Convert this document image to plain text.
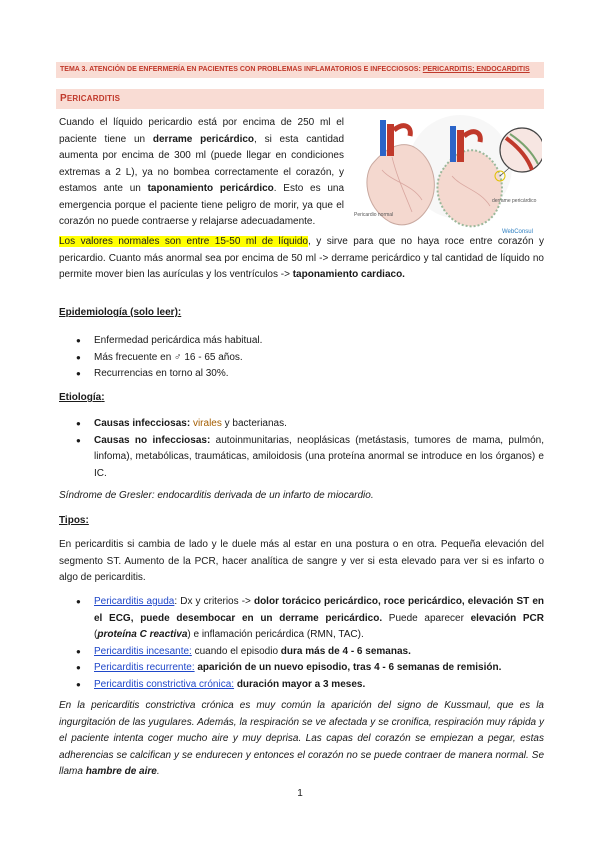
TEMA 3. ATENCIÓN DE ENFERMERÍA EN PACIENTES CON PROBLEMAS INFLAMATORIOS E INFECCIOSOS: PERICARDITIS; ENDOCARDITIS
PERICARDITIS
Cuando el líquido pericardio está por encima de 250 ml el paciente tiene un derrame pericárdico, si esta cantidad aumenta por encima de 300 ml (puede llegar en condiciones extremas a 2 L), ya no bombea correctamente el corazón, y estamos ante un taponamiento pericárdico. Esto es una emergencia porque el paciente tiene peligro de morir, ya que el corazón no puede contraerse y relajarse adecuadamente.
Pericardio normal
derrame pericárdico
WebConsul
Los valores normales son entre 15-50 ml de líquido, y sirve para que no haya roce entre corazón y pericardio. Cuanto más anormal sea por encima de 50 ml -> derrame pericárdico y tal cantidad de líquido no permite mover bien las aurículas y los ventrículos -> taponamiento cardiaco.
Epidemiología (solo leer):
● Enfermedad pericárdica más habitual.
● Más frecuente en ♂ 16 - 65 años.
● Recurrencias en torno al 30%.
Etiología:
● Causas infecciosas: virales y bacterianas.
● Causas no infecciosas: autoinmunitarias, neoplásicas (metástasis, tumores de mama, pulmón, linfoma), metabólicas, traumáticas, amiloidosis (una proteína anormal se introduce en los órganos) e IC.
Síndrome de Gresler: endocarditis derivada de un infarto de miocardio.
Tipos:
En pericarditis si cambia de lado y le duele más al estar en una postura o en otra. Pequeña elevación del segmento ST. Aumento de la PCR, hacer analítica de sangre y ver si esta elevado para ver si es infarto o algo de pericarditis.
● Pericarditis aguda: Dx y criterios -> dolor torácico pericárdico, roce pericárdico, elevación ST en el ECG, puede desembocar en un derrame pericárdico. Puede aparecer elevación PCR (proteína C reactiva) e inflamación pericárdica (RMN, TAC).
● Pericarditis incesante: cuando el episodio dura más de 4 - 6 semanas.
● Pericarditis recurrente: aparición de un nuevo episodio, tras 4 - 6 semanas de remisión.
● Pericarditis constrictiva crónica: duración mayor a 3 meses.
En la pericarditis constrictiva crónica es muy común la aparición del signo de Kussmaul, que es la ingurgitación de las yugulares. Además, la respiración se ve afectada y se cronifica, respiración muy rápida y el paciente intenta coger mucho aire y muy deprisa. Las capas del corazón se empiezan a pegar, estas adherencias se calcifican y se endurecen y entonces el corazón no se puede contraer de manera normal. Se llama hambre de aire.
1
